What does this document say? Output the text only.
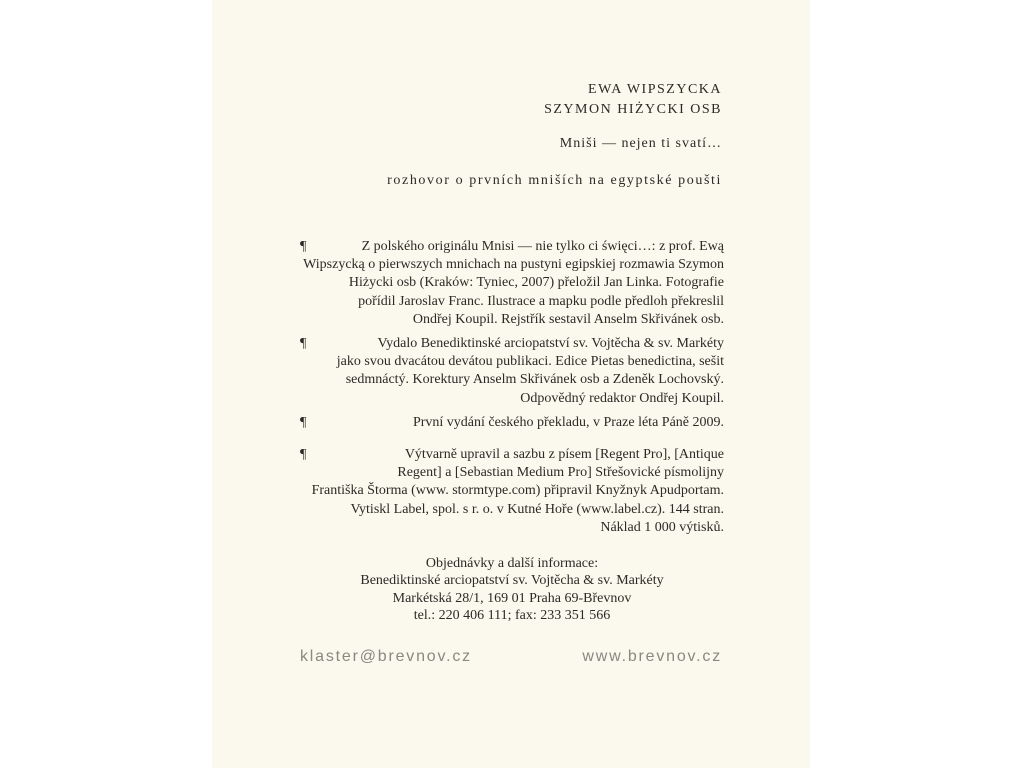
EWA WIPSZYCKA
SZYMON HIŻYCKI OSB
Mniši — nejen ti svatí…
rozhovor o prvních mniších na egyptské poušti
¶	Z polského originálu Mnisi — nie tylko ci święci…: z prof. Ewą
Wipszycką o pierwszych mnichach na pustyni egipskiej rozmawia Szymon
Hiżycki osb (Kraków: Tyniec, 2007) přeložil Jan Linka. Fotografie
pořídil Jaroslav Franc. Ilustrace a mapku podle předloh překreslil
Ondřej Koupil. Rejstřík sestavil Anselm Skřivánek osb.
¶	Vydalo Benediktinské arciopatství sv. Vojtěcha & sv. Markéty
jako svou dvacátou devátou publikaci. Edice Pietas benedictina, sešit
sedmnáctý. Korektury Anselm Skřivánek osb a Zdeněk Lochovský.
Odpovědný redaktor Ondřej Koupil.
¶	První vydání českého překladu, v Praze léta Páně 2009.
¶	Výtvarně upravil a sazbu z písem [Regent Pro], [Antique
Regent] a [Sebastian Medium Pro] Střešovické písmolijny
Františka Štorma (www. stormtype.com) připravil Knyžnyk Apudportam.
Vytiskl Label, spol. s r. o. v Kutné Hoře (www.label.cz). 144 stran.
Náklad 1 000 výtisků.
Objednávky a další informace:
Benediktinské arciopatství sv. Vojtěcha & sv. Markéty
Markétská 28/1, 169 01 Praha 69-Břevnov
tel.: 220 406 111; fax: 233 351 566
klaster@brevnov.cz	www.brevnov.cz
